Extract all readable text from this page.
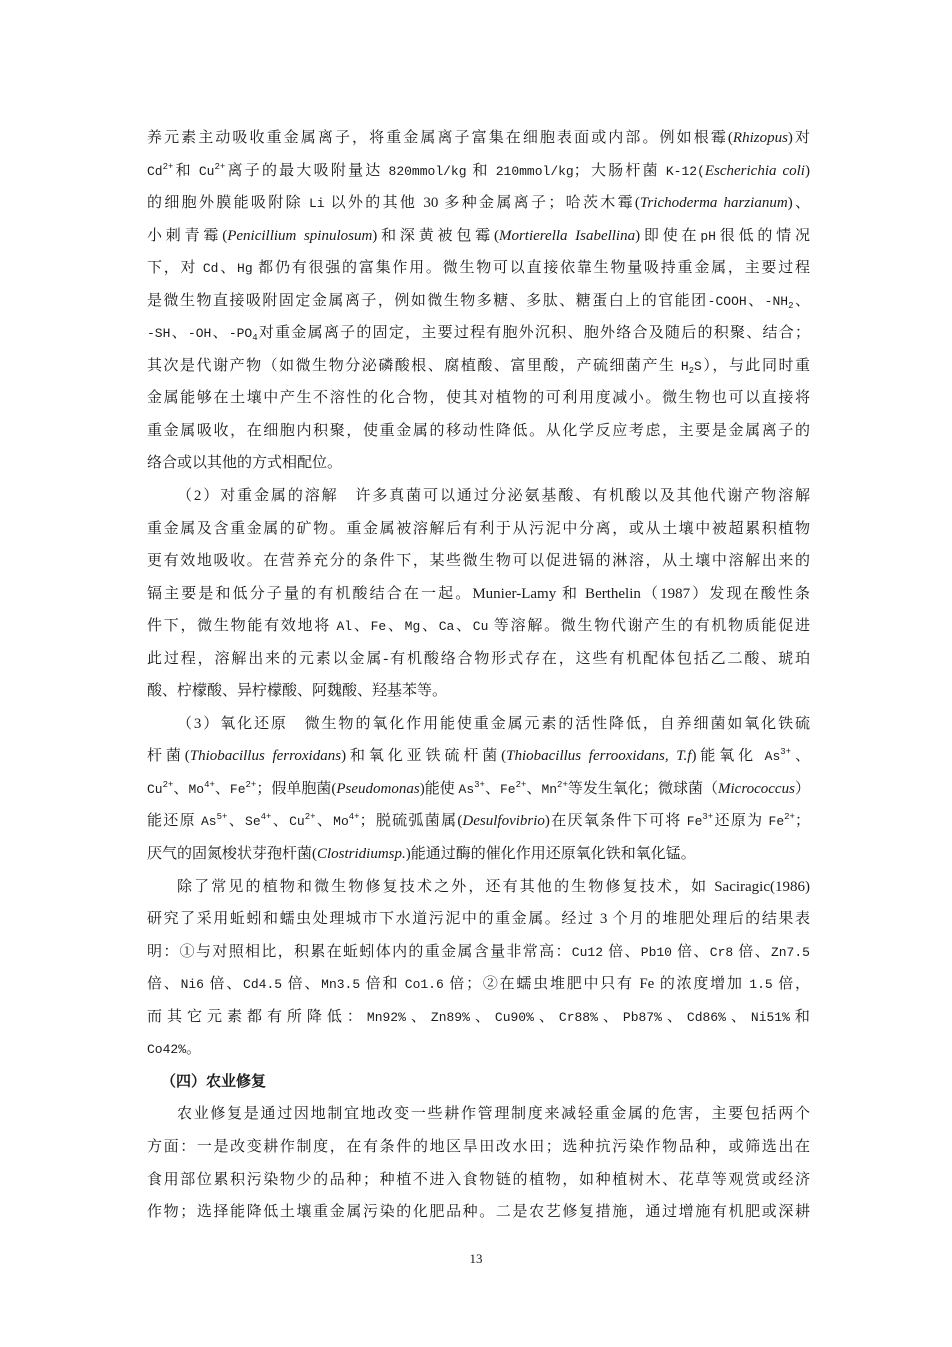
养元素主动吸收重金属离子，将重金属离子富集在细胞表面或内部。例如根霉(Rhizopus)对
$Cd^{2+}$和 $Cu^{2+}$离子的最大吸附量达 820mmol/kg 和 210mmol/kg；大肠杆菌 K-12(Escherichia coli)
的细胞外膜能吸附除 Li 以外的其他 30 多种金属离子；哈茨木霉(Trichoderma harzianum)、
小刺青霉(Penicillium spinulosum)和深黄被包霉(Mortierella Isabellina)即使在pH很低的情况
下，对 Cd、Hg 都仍有很强的富集作用。微生物可以直接依靠生物量吸持重金属，主要过程
是微生物直接吸附固定金属离子，例如微生物多糖、多肽、糖蛋白上的官能团-COOH、$-NH_2$、
-SH、-OH、$-PO_4$对重金属离子的固定，主要过程有胞外沉积、胞外络合及随后的积聚、结合；
其次是代谢产物（如微生物分泌磷酸根、腐植酸、富里酸，产硫细菌产生 $H_2S$），与此同时重
金属能够在土壤中产生不溶性的化合物，使其对植物的可利用度减小。微生物也可以直接将
重金属吸收，在细胞内积聚，使重金属的移动性降低。从化学反应考虑，主要是金属离子的
络合或以其他的方式相配位。
（2）对重金属的溶解　许多真菌可以通过分泌氨基酸、有机酸以及其他代谢产物溶解
重金属及含重金属的矿物。重金属被溶解后有利于从污泥中分离，或从土壤中被超累积植物
更有效地吸收。在营养充分的条件下，某些微生物可以促进镉的淋溶，从土壤中溶解出来的
镉主要是和低分子量的有机酸结合在一起。Munier-Lamy 和 Berthelin（1987）发现在酸性条
件下，微生物能有效地将 Al、Fe、Mg、Ca、Cu 等溶解。微生物代谢产生的有机物质能促进
此过程，溶解出来的元素以金属-有机酸络合物形式存在，这些有机配体包括乙二酸、琥珀
酸、柠檬酸、异柠檬酸、阿魏酸、羟基苯等。
（3）氧化还原　微生物的氧化作用能使重金属元素的活性降低，自养细菌如氧化铁硫
杆菌(Thiobacillus ferroxidans)和氧化亚铁硫杆菌(Thiobacillus ferrooxidans, T.f)能氧化 $As^{3+}$、
$Cu^{2+}$、$Mo^{4+}$、$Fe^{2+}$；假单胞菌(Pseudomonas)能使 $As^{3+}$、$Fe^{2+}$、$Mn^{2+}$等发生氧化；微球菌（Micrococcus）
能还原 $As^{5+}$、$Se^{4+}$、$Cu^{2+}$、$Mo^{4+}$；脱硫弧菌属(Desulfovibrio)在厌氧条件下可将 $Fe^{3+}$还原为 $Fe^{2+}$；
厌气的固氮梭状芽孢杆菌(Clostridiumsp.)能通过酶的催化作用还原氧化铁和氧化锰。
除了常见的植物和微生物修复技术之外，还有其他的生物修复技术，如 Saciragic(1986)
研究了采用蚯蚓和蠕虫处理城市下水道污泥中的重金属。经过 3 个月的堆肥处理后的结果表
明：①与对照相比，积累在蚯蚓体内的重金属含量非常高：Cu12 倍、Pb10 倍、Cr8 倍、Zn7.5
倍、Ni6 倍、Cd4.5 倍、Mn3.5 倍和 Co1.6 倍；②在蠕虫堆肥中只有 Fe 的浓度增加 1.5 倍，
而其它元素都有所降低：Mn92%、Zn89%、Cu90%、Cr88%、Pb87%、Cd86%、Ni51%和
Co42%。
（四）农业修复
农业修复是通过因地制宜地改变一些耕作管理制度来减轻重金属的危害，主要包括两个
方面：一是改变耕作制度，在有条件的地区旱田改水田；选种抗污染作物品种，或筛选出在
食用部位累积污染物少的品种；种植不进入食物链的植物，如种植树木、花草等观赏或经济
作物；选择能降低土壤重金属污染的化肥品种。二是农艺修复措施，通过增施有机肥或深耕
13
